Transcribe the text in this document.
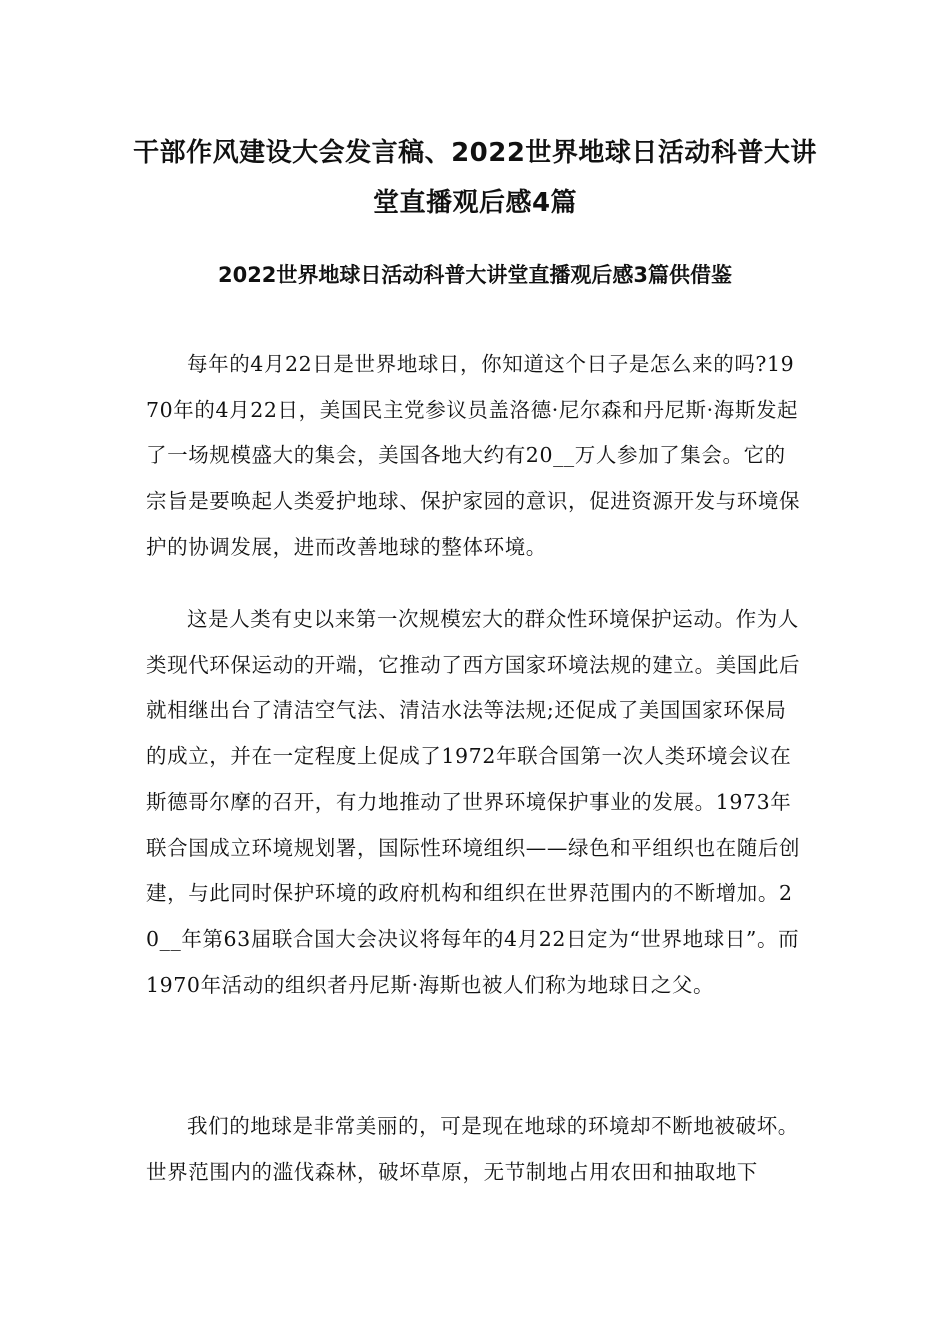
干部作风建设大会发言稿、2022世界地球日活动科普大讲堂直播观后感4篇
2022世界地球日活动科普大讲堂直播观后感3篇供借鉴

每年的4月22日是世界地球日，你知道这个日子是怎么来的吗?1970年的4月22日，美国民主党参议员盖洛德·尼尔森和丹尼斯·海斯发起了一场规模盛大的集会，美国各地大约有20__万人参加了集会。它的宗旨是要唤起人类爱护地球、保护家园的意识，促进资源开发与环境保护的协调发展，进而改善地球的整体环境。

这是人类有史以来第一次规模宏大的群众性环境保护运动。作为人类现代环保运动的开端，它推动了西方国家环境法规的建立。美国此后就相继出台了清洁空气法、清洁水法等法规;还促成了美国国家环保局的成立，并在一定程度上促成了1972年联合国第一次人类环境会议在斯德哥尔摩的召开，有力地推动了世界环境保护事业的发展。1973年联合国成立环境规划署，国际性环境组织——绿色和平组织也在随后创建，与此同时保护环境的政府机构和组织在世界范围内的不断增加。20__年第63届联合国大会决议将每年的4月22日定为“世界地球日”。而1970年活动的组织者丹尼斯·海斯也被人们称为地球日之父。

我们的地球是非常美丽的，可是现在地球的环境却不断地被破坏。世界范围内的滥伐森林，破坏草原，无节制地占用农田和抽取地下
